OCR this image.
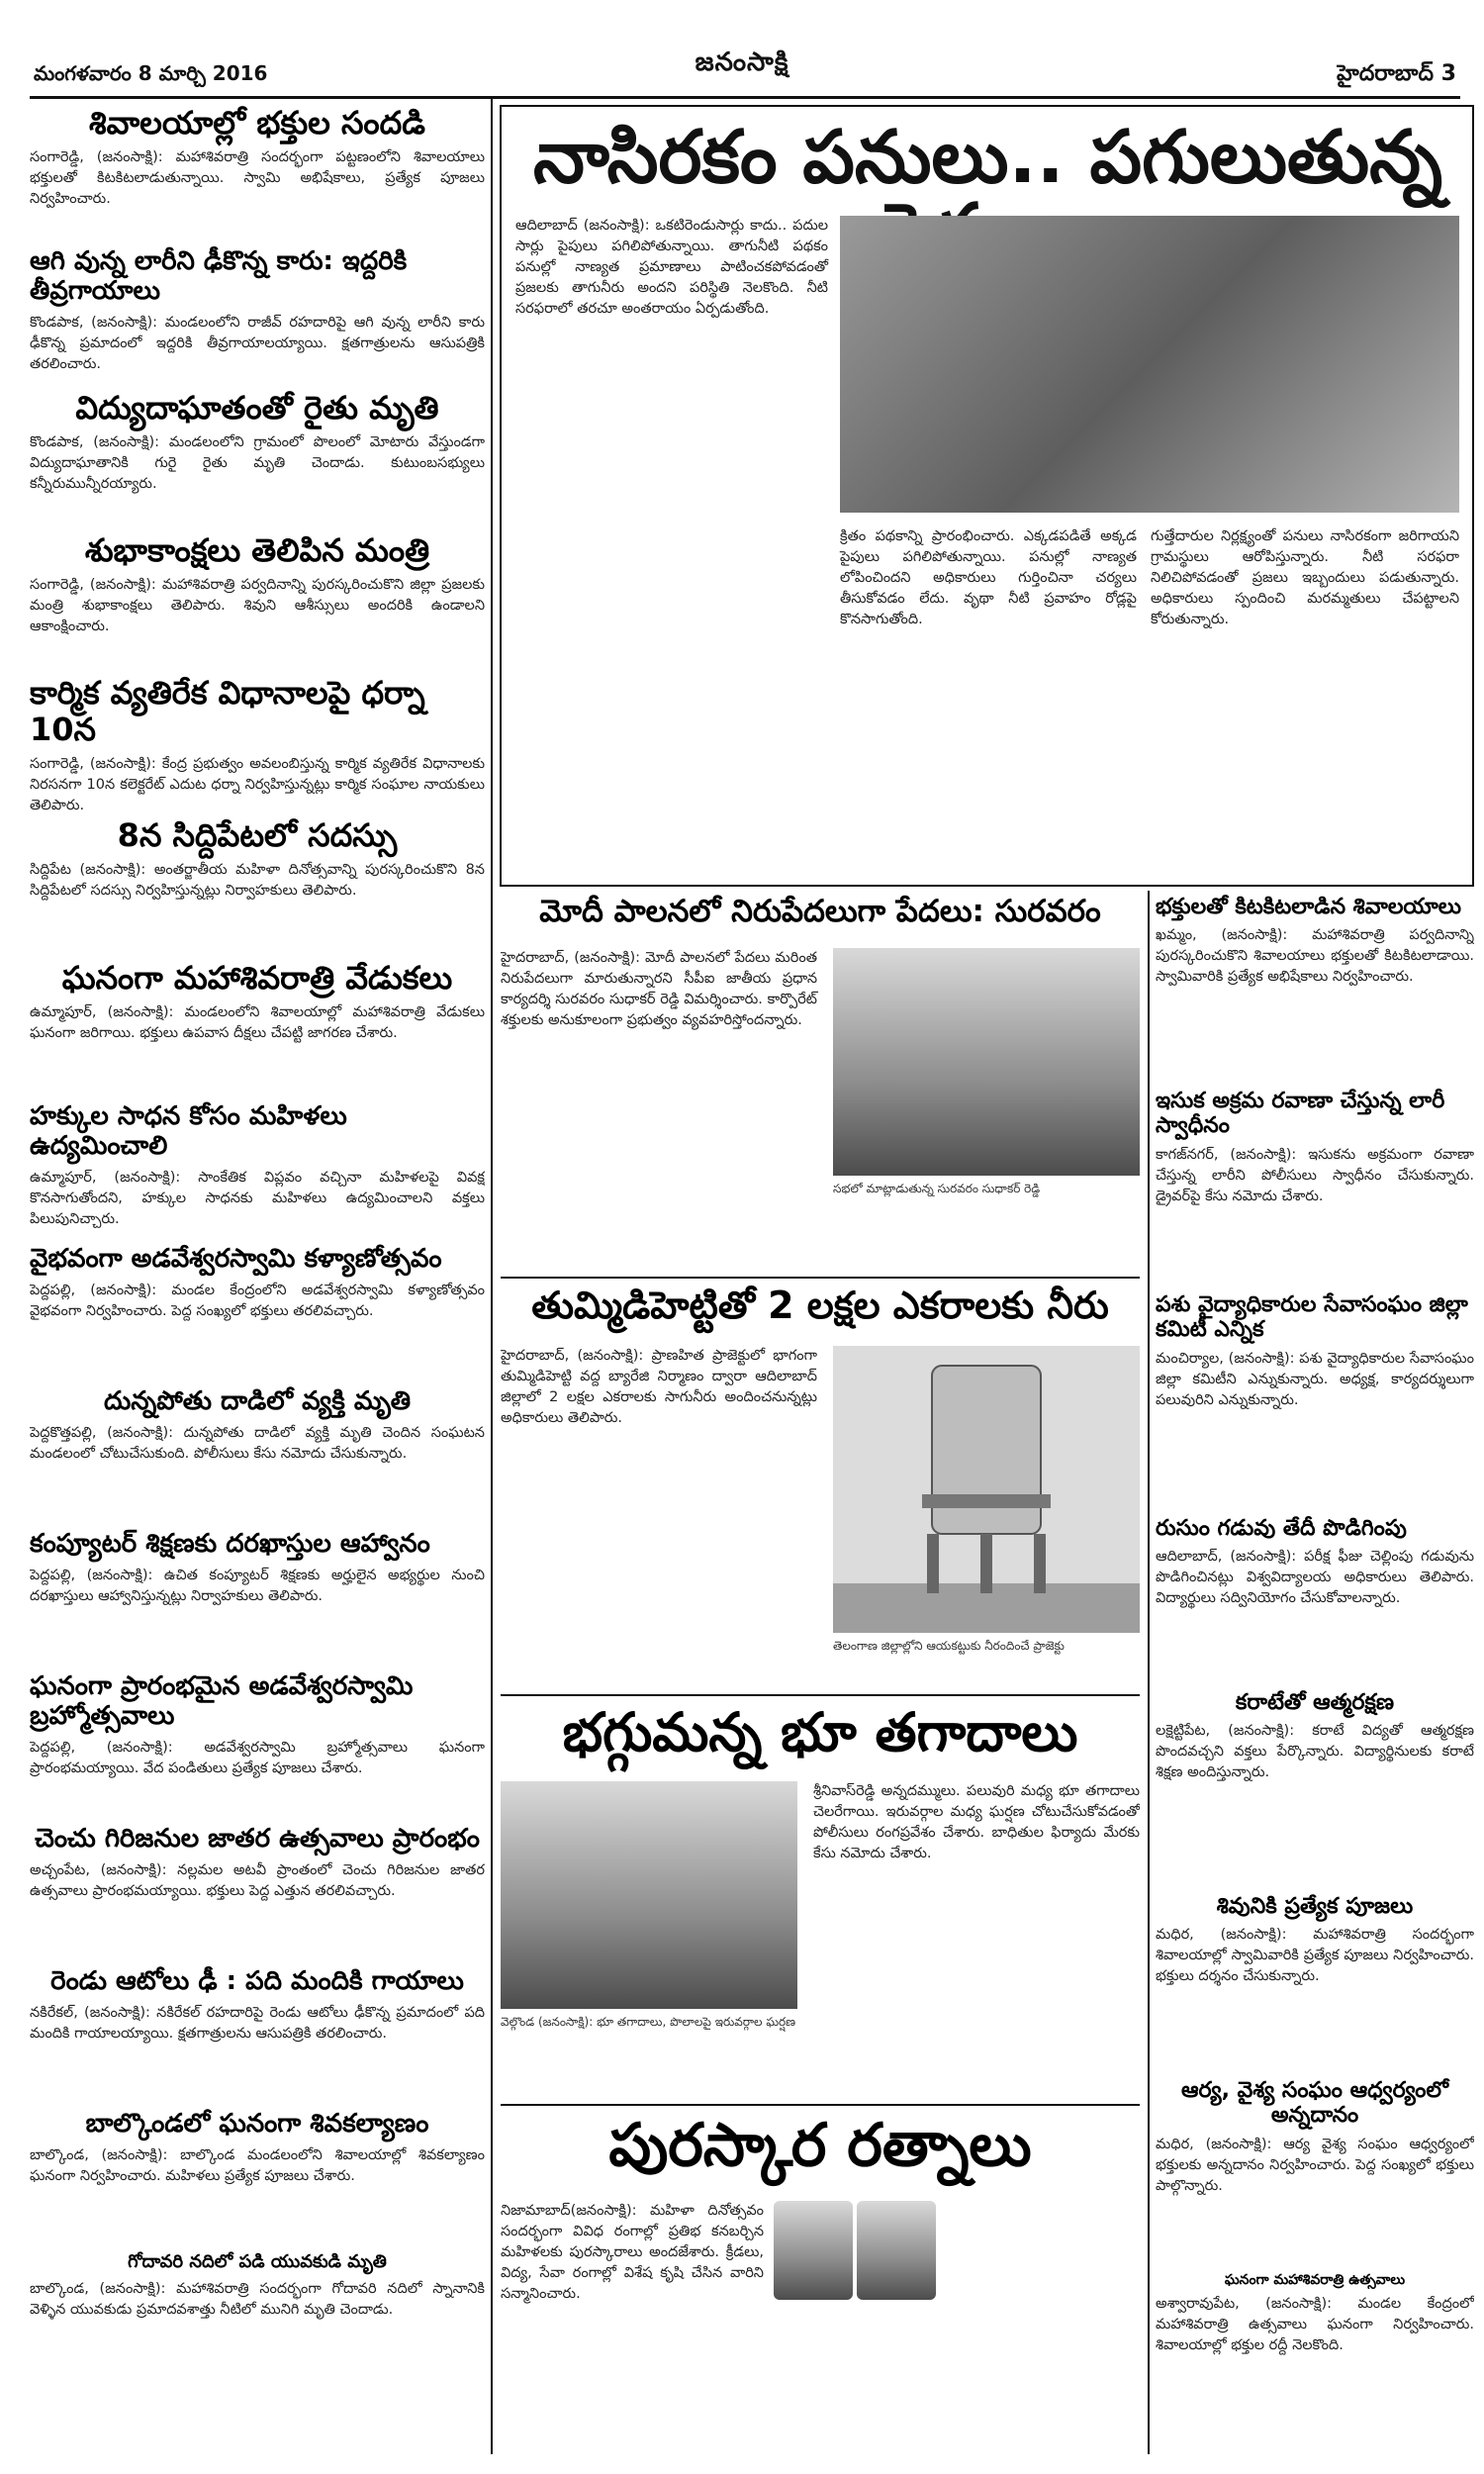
మంగళవారం 8 మార్చి 2016	జనంసాక్షి	హైదరాబాద్ 3
శివాలయాల్లో భక్తుల సందడి
సంగారెడ్డి, (జనంసాక్షి): మహాశివరాత్రి సందర్భంగా పట్టణంలోని శివాలయాలు భక్తులతో కిటకిటలాడుతున్నాయి. స్వామి అభిషేకాలు, ప్రత్యేక పూజలు నిర్వహించారు.
ఆగి వున్న లారీని ఢీకొన్న కారు: ఇద్దరికి తీవ్రగాయాలు
కొండపాక, (జనంసాక్షి): మండలంలోని రాజీవ్ రహదారిపై ఆగి వున్న లారీని కారు ఢీకొన్న ప్రమాదంలో ఇద్దరికి తీవ్రగాయాలయ్యాయి. క్షతగాత్రులను ఆసుపత్రికి తరలించారు.
విద్యుదాఘాతంతో రైతు మృతి
కొండపాక, (జనంసాక్షి): మండలంలోని గ్రామంలో పొలంలో మోటారు వేస్తుండగా విద్యుదాఘాతానికి గురై రైతు మృతి చెందాడు. కుటుంబసభ్యులు కన్నీరుమున్నీరయ్యారు.
శుభాకాంక్షలు తెలిపిన మంత్రి
సంగారెడ్డి, (జనంసాక్షి): మహాశివరాత్రి పర్వదినాన్ని పురస్కరించుకొని జిల్లా ప్రజలకు మంత్రి శుభాకాంక్షలు తెలిపారు. శివుని ఆశీస్సులు అందరికి ఉండాలని ఆకాంక్షించారు.
కార్మిక వ్యతిరేక విధానాలపై ధర్నా 10న
సంగారెడ్డి, (జనంసాక్షి): కేంద్ర ప్రభుత్వం అవలంబిస్తున్న కార్మిక వ్యతిరేక విధానాలకు నిరసనగా 10న కలెక్టరేట్ ఎదుట ధర్నా నిర్వహిస్తున్నట్లు కార్మిక సంఘాల నాయకులు తెలిపారు.
8న సిద్దిపేటలో సదస్సు
సిద్దిపేట (జనంసాక్షి): అంతర్జాతీయ మహిళా దినోత్సవాన్ని పురస్కరించుకొని 8న సిద్దిపేటలో సదస్సు నిర్వహిస్తున్నట్లు నిర్వాహకులు తెలిపారు.
ఘనంగా మహాశివరాత్రి వేడుకలు
ఉమ్మాపూర్, (జనంసాక్షి): మండలంలోని శివాలయాల్లో మహాశివరాత్రి వేడుకలు ఘనంగా జరిగాయి. భక్తులు ఉపవాస దీక్షలు చేపట్టి జాగరణ చేశారు.
హక్కుల సాధన కోసం మహిళలు ఉద్యమించాలి
ఉమ్మాపూర్, (జనంసాక్షి): సాంకేతిక విప్లవం వచ్చినా మహిళలపై వివక్ష కొనసాగుతోందని, హక్కుల సాధనకు మహిళలు ఉద్యమించాలని వక్తలు పిలుపునిచ్చారు.
వైభవంగా అడవేశ్వరస్వామి కళ్యాణోత్సవం
పెద్దపల్లి, (జనంసాక్షి): మండల కేంద్రంలోని అడవేశ్వరస్వామి కళ్యాణోత్సవం వైభవంగా నిర్వహించారు. పెద్ద సంఖ్యలో భక్తులు తరలివచ్చారు.
దున్నపోతు దాడిలో వ్యక్తి మృతి
పెద్దకొత్తపల్లి, (జనంసాక్షి): దున్నపోతు దాడిలో వ్యక్తి మృతి చెందిన సంఘటన మండలంలో చోటుచేసుకుంది. పోలీసులు కేసు నమోదు చేసుకున్నారు.
కంప్యూటర్ శిక్షణకు దరఖాస్తుల ఆహ్వానం
పెద్దపల్లి, (జనంసాక్షి): ఉచిత కంప్యూటర్ శిక్షణకు అర్హులైన అభ్యర్థుల నుంచి దరఖాస్తులు ఆహ్వానిస్తున్నట్లు నిర్వాహకులు తెలిపారు.
ఘనంగా ప్రారంభమైన అడవేశ్వరస్వామి బ్రహ్మోత్సవాలు
పెద్దపల్లి, (జనంసాక్షి): అడవేశ్వరస్వామి బ్రహ్మోత్సవాలు ఘనంగా ప్రారంభమయ్యాయి. వేద పండితులు ప్రత్యేక పూజలు చేశారు.
చెంచు గిరిజనుల జాతర ఉత్సవాలు ప్రారంభం
అచ్చంపేట, (జనంసాక్షి): నల్లమల అటవీ ప్రాంతంలో చెంచు గిరిజనుల జాతర ఉత్సవాలు ప్రారంభమయ్యాయి. భక్తులు పెద్ద ఎత్తున తరలివచ్చారు.
రెండు ఆటోలు ఢీ : పది మందికి గాయాలు
నకిరేకల్, (జనంసాక్షి): నకిరేకల్ రహదారిపై రెండు ఆటోలు ఢీకొన్న ప్రమాదంలో పది మందికి గాయాలయ్యాయి. క్షతగాత్రులను ఆసుపత్రికి తరలించారు.
బాల్కొండలో ఘనంగా శివకల్యాణం
బాల్కొండ, (జనంసాక్షి): బాల్కొండ మండలంలోని శివాలయాల్లో శివకల్యాణం ఘనంగా నిర్వహించారు. మహిళలు ప్రత్యేక పూజలు చేశారు.
గోదావరి నదిలో పడి యువకుడి మృతి
బాల్కొండ, (జనంసాక్షి): మహాశివరాత్రి సందర్భంగా గోదావరి నదిలో స్నానానికి వెళ్ళిన యువకుడు ప్రమాదవశాత్తు నీటిలో మునిగి మృతి చెందాడు.
నాసిరకం పనులు.. పగులుతున్న
ఆదిలాబాద్ (జనంసాక్షి): ఒకటిరెండుసార్లు కాదు.. పదుల సార్లు పైపులు పగిలిపోతున్నాయి. తాగునీటి పథకం పనుల్లో నాణ్యత ప్రమాణాలు పాటించకపోవడంతో ప్రజలకు తాగునీరు అందని పరిస్థితి నెలకొంది. నీటి సరఫరాలో తరచూ అంతరాయం ఏర్పడుతోంది.
క్రితం పథకాన్ని ప్రారంభించారు. ఎక్కడపడితే అక్కడ పైపులు పగిలిపోతున్నాయి. పనుల్లో నాణ్యత లోపించిందని అధికారులు గుర్తించినా చర్యలు తీసుకోవడం లేదు. వృథా నీటి ప్రవాహం రోడ్లపై కొనసాగుతోంది.
గుత్తేదారుల నిర్లక్ష్యంతో పనులు నాసిరకంగా జరిగాయని గ్రామస్థులు ఆరోపిస్తున్నారు. నీటి సరఫరా నిలిచిపోవడంతో ప్రజలు ఇబ్బందులు పడుతున్నారు. అధికారులు స్పందించి మరమ్మతులు చేపట్టాలని కోరుతున్నారు.
మోదీ పాలనలో నిరుపేదలుగా పేదలు: సురవరం
హైదరాబాద్, (జనంసాక్షి): మోదీ పాలనలో పేదలు మరింత నిరుపేదలుగా మారుతున్నారని సీపీఐ జాతీయ ప్రధాన కార్యదర్శి సురవరం సుధాకర్ రెడ్డి విమర్శించారు. కార్పొరేట్ శక్తులకు అనుకూలంగా ప్రభుత్వం వ్యవహరిస్తోందన్నారు.
సభలో మాట్లాడుతున్న సురవరం సుధాకర్ రెడ్డి
తుమ్మిడిహెట్టితో 2 లక్షల ఎకరాలకు నీరు
హైదరాబాద్, (జనంసాక్షి): ప్రాణహిత ప్రాజెక్టులో భాగంగా తుమ్మిడిహెట్టి వద్ద బ్యారేజి నిర్మాణం ద్వారా ఆదిలాబాద్ జిల్లాలో 2 లక్షల ఎకరాలకు సాగునీరు అందించనున్నట్లు అధికారులు తెలిపారు.
తెలంగాణ జిల్లాల్లోని ఆయకట్టుకు నీరందించే ప్రాజెక్టు
భగ్గుమన్న భూ తగాదాలు
వెల్గొండ (జనంసాక్షి): భూ తగాదాలు, పొలాలపై ఇరువర్గాల ఘర్షణ
శ్రీనివాస్‌రెడ్డి అన్నదమ్ములు. పలువురి మధ్య భూ తగాదాలు చెలరేగాయి. ఇరువర్గాల మధ్య ఘర్షణ చోటుచేసుకోవడంతో పోలీసులు రంగప్రవేశం చేశారు. బాధితుల ఫిర్యాదు మేరకు కేసు నమోదు చేశారు.
పురస్కార రత్నాలు
నిజామాబాద్(జనంసాక్షి): మహిళా దినోత్సవం సందర్భంగా వివిధ రంగాల్లో ప్రతిభ కనబర్చిన మహిళలకు పురస్కారాలు అందజేశారు. క్రీడలు, విద్య, సేవా రంగాల్లో విశేష కృషి చేసిన వారిని సన్మానించారు.
భక్తులతో కిటకిటలాడిన శివాలయాలు
ఖమ్మం, (జనంసాక్షి): మహాశివరాత్రి పర్వదినాన్ని పురస్కరించుకొని శివాలయాలు భక్తులతో కిటకిటలాడాయి. స్వామివారికి ప్రత్యేక అభిషేకాలు నిర్వహించారు.
ఇసుక అక్రమ రవాణా చేస్తున్న లారీ స్వాధీనం
కాగజ్‌నగర్, (జనంసాక్షి): ఇసుకను అక్రమంగా రవాణా చేస్తున్న లారీని పోలీసులు స్వాధీనం చేసుకున్నారు. డ్రైవర్‌పై కేసు నమోదు చేశారు.
పశు వైద్యాధికారుల సేవాసంఘం జిల్లా కమిటీ ఎన్నిక
మంచిర్యాల, (జనంసాక్షి): పశు వైద్యాధికారుల సేవాసంఘం జిల్లా కమిటీని ఎన్నుకున్నారు. అధ్యక్ష, కార్యదర్శులుగా పలువురిని ఎన్నుకున్నారు.
రుసుం గడువు తేదీ పొడిగింపు
ఆదిలాబాద్, (జనంసాక్షి): పరీక్ష ఫీజు చెల్లింపు గడువును పొడిగించినట్లు విశ్వవిద్యాలయ అధికారులు తెలిపారు. విద్యార్థులు సద్వినియోగం చేసుకోవాలన్నారు.
కరాటేతో ఆత్మరక్షణ
లక్షెట్టిపేట, (జనంసాక్షి): కరాటే విద్యతో ఆత్మరక్షణ పొందవచ్చని వక్తలు పేర్కొన్నారు. విద్యార్థినులకు కరాటే శిక్షణ అందిస్తున్నారు.
శివునికి ప్రత్యేక పూజలు
మధిర, (జనంసాక్షి): మహాశివరాత్రి సందర్భంగా శివాలయాల్లో స్వామివారికి ప్రత్యేక పూజలు నిర్వహించారు. భక్తులు దర్శనం చేసుకున్నారు.
ఆర్య, వైశ్య సంఘం ఆధ్వర్యంలో అన్నదానం
మధిర, (జనంసాక్షి): ఆర్య వైశ్య సంఘం ఆధ్వర్యంలో భక్తులకు అన్నదానం నిర్వహించారు. పెద్ద సంఖ్యలో భక్తులు పాల్గొన్నారు.
ఘనంగా మహాశివరాత్రి ఉత్సవాలు
అశ్వారావుపేట, (జనంసాక్షి): మండల కేంద్రంలో మహాశివరాత్రి ఉత్సవాలు ఘనంగా నిర్వహించారు. శివాలయాల్లో భక్తుల రద్దీ నెలకొంది.
